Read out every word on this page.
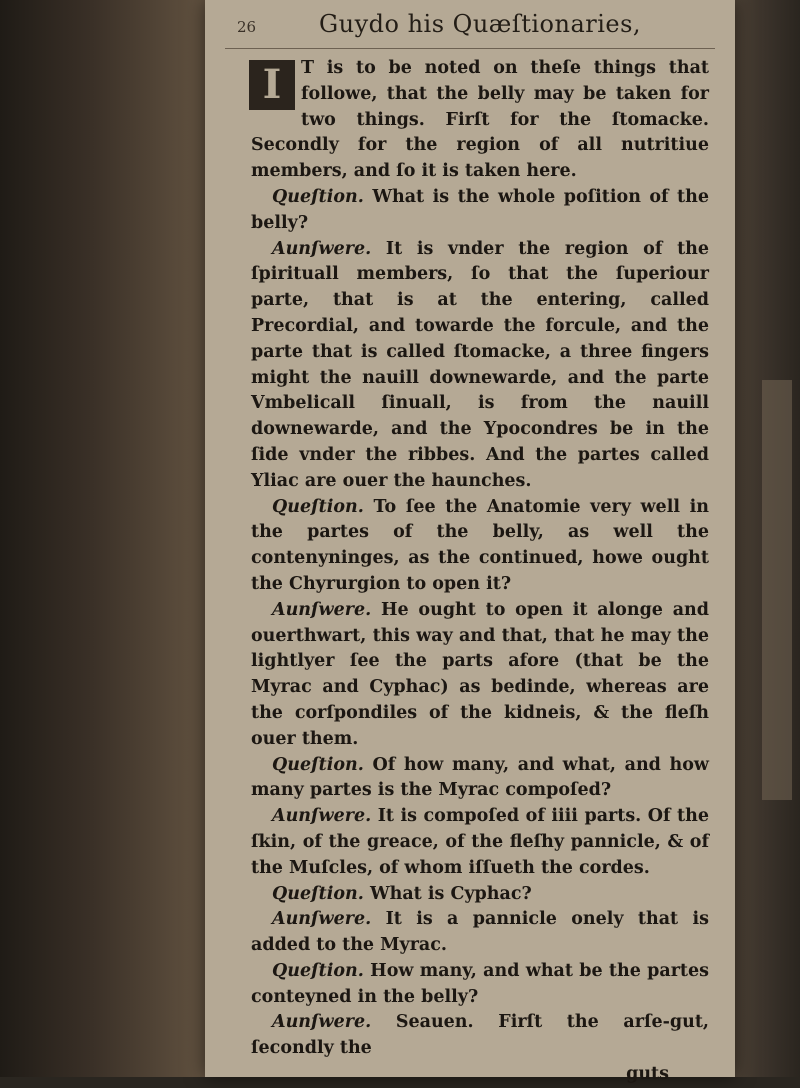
26	Guydo his Quæſtionaries,

I	T is to be noted on theſe things that followe, that the belly may be taken for two things. Firſt for the ſtomacke. Secondly for the region of all nutritiue members, and ſo it is taken here.

Queſtion. What is the whole poſition of the belly?

Aunſwere. It is vnder the region of the ſpirituall members, ſo that the ſuperiour parte, that is at the entering, called Precordial, and towarde the forcule, and the parte that is called ſtomacke, a three fingers might the nauill downewarde, and the parte Vmbelicall ſinuall, is from the nauill downewarde, and the Ypocondres be in the ſide vnder the ribbes. And the partes called Yliac are ouer the haunches.

Queſtion. To ſee the Anatomie very well in the partes of the belly, as well the contenyninges, as the continued, howe ought the Chyrurgion to open it?

Aunſwere. He ought to open it alonge and ouerthwart, this way and that, that he may the lightlyer ſee the parts afore (that be the Myrac and Cyphac) as bedinde, whereas are the corſpondiles of the kidneis, & the fleſh ouer them.

Queſtion. Of how many, and what, and how many partes is the Myrac compoſed?

Aunſwere. It is compoſed of iiii parts. Of the ſkin, of the greace, of the fleſhy pannicle, & of the Muſcles, of whom iſſueth the cordes.

Queſtion. What is Cyphac?

Aunſwere. It is a pannicle onely that is added to the Myrac.

Queſtion. How many, and what be the partes conteyned in the belly?

Aunſwere. Seauen. Firſt the arſe-gut, ſecondly the

guts
